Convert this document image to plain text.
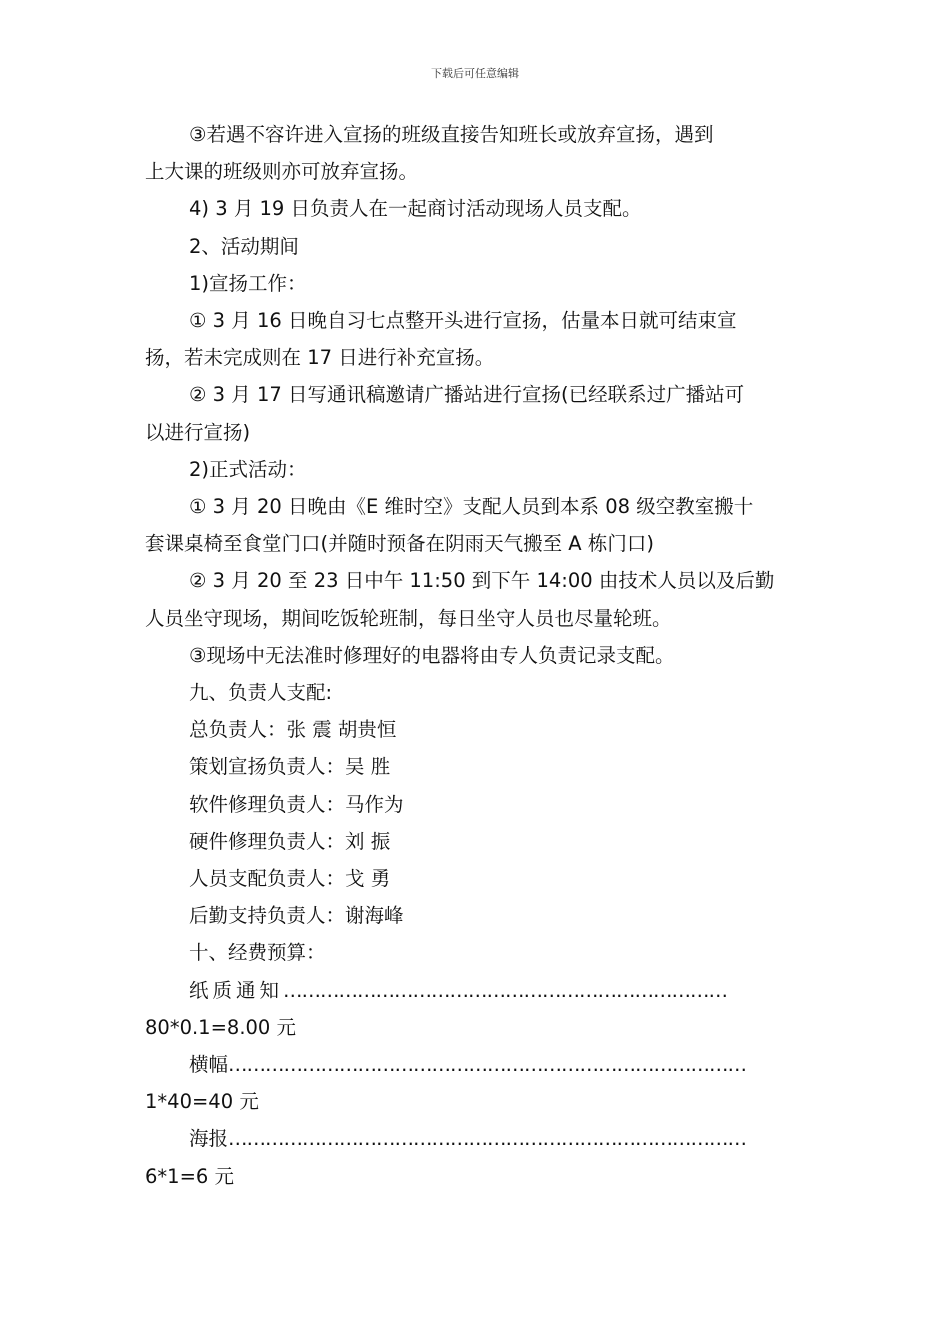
下载后可任意编辑

③若遇不容许进入宣扬的班级直接告知班长或放弃宣扬，遇到

上大课的班级则亦可放弃宣扬。

4) 3 月 19 日负责人在一起商讨活动现场人员支配。

2、活动期间

1)宣扬工作：

① 3 月 16 日晚自习七点整开头进行宣扬，估量本日就可结束宣

扬，若未完成则在 17 日进行补充宣扬。

② 3 月 17 日写通讯稿邀请广播站进行宣扬(已经联系过广播站可

以进行宣扬)

2)正式活动：

① 3 月 20 日晚由《E 维时空》支配人员到本系 08 级空教室搬十

套课桌椅至食堂门口(并随时预备在阴雨天气搬至 A 栋门口)

② 3 月 20 至 23 日中午 11:50 到下午 14:00 由技术人员以及后勤

人员坐守现场，期间吃饭轮班制，每日坐守人员也尽量轮班。

③现场中无法准时修理好的电器将由专人负责记录支配。

九、负责人支配:

总负责人：张 震 胡贵恒

策划宣扬负责人：吴 胜

软件修理负责人：马作为

硬件修理负责人：刘 振

人员支配负责人：戈 勇

后勤支持负责人：谢海峰

十、经费预算：

纸质通知 ………………………………………………………………

80*0.1=8.00 元

横幅 …………………………………………………………………………

1*40=40 元

海报 …………………………………………………………………………

6*1=6 元
